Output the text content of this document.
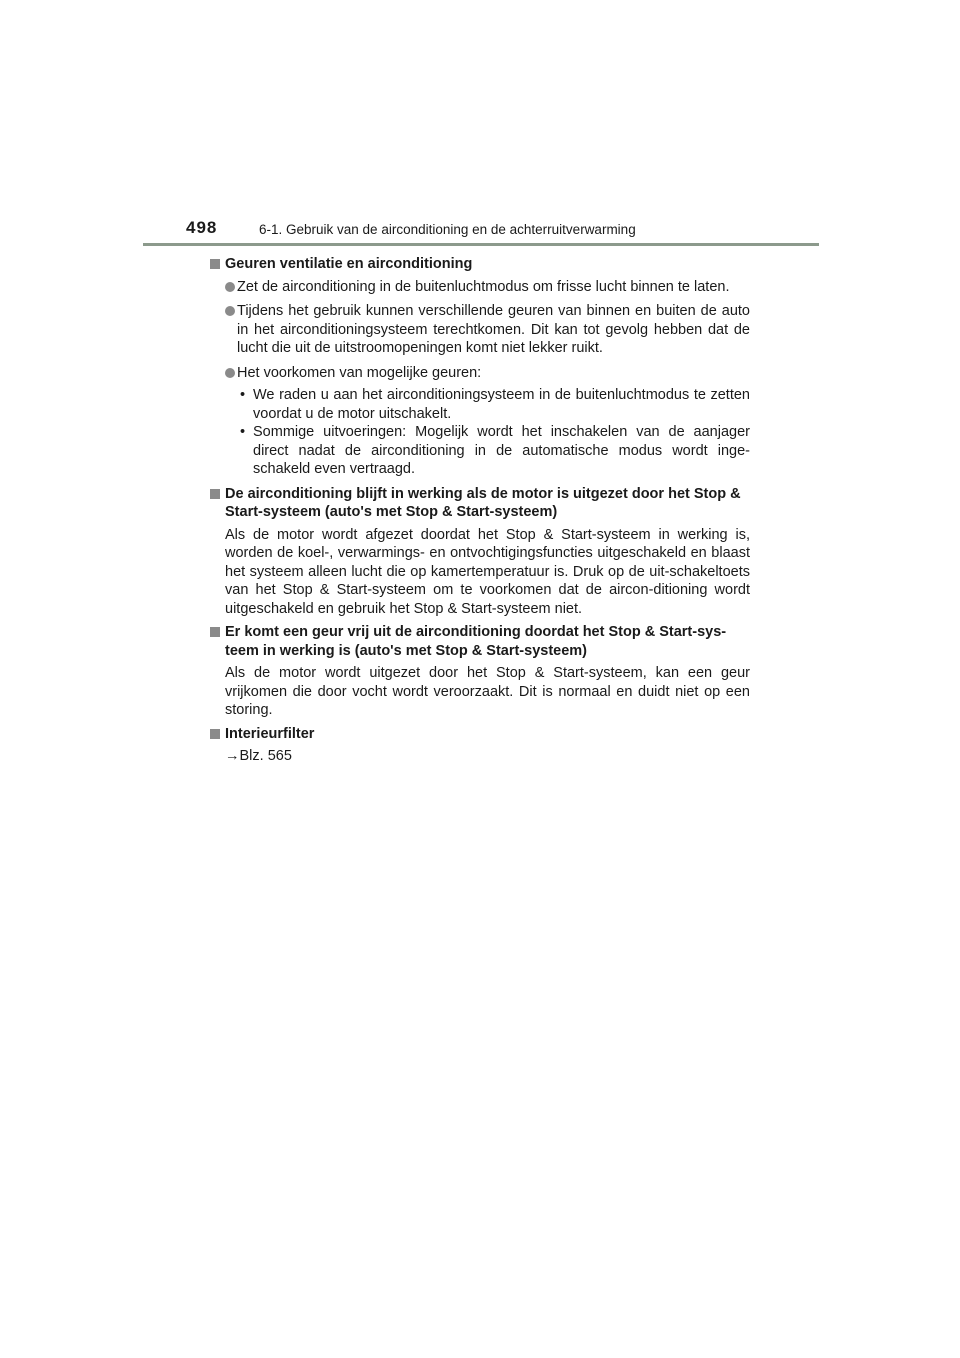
498	6-1. Gebruik van de airconditioning en de achterruitverwarming
Geuren ventilatie en airconditioning
Zet de airconditioning in de buitenluchtmodus om frisse lucht binnen te laten.
Tijdens het gebruik kunnen verschillende geuren van binnen en buiten de auto in het airconditioningsysteem terechtkomen. Dit kan tot gevolg hebben dat de lucht die uit de uitstroomopeningen komt niet lekker ruikt.
Het voorkomen van mogelijke geuren:
• We raden u aan het airconditioningsysteem in de buitenluchtmodus te zetten voordat u de motor uitschakelt.
• Sommige uitvoeringen: Mogelijk wordt het inschakelen van de aanjager direct nadat de airconditioning in de automatische modus wordt inge-schakeld even vertraagd.
De airconditioning blijft in werking als de motor is uitgezet door het Stop & Start-systeem (auto's met Stop & Start-systeem)
Als de motor wordt afgezet doordat het Stop & Start-systeem in werking is, worden de koel-, verwarmings- en ontvochtigingsfuncties uitgeschakeld en blaast het systeem alleen lucht die op kamertemperatuur is. Druk op de uit-schakeltoets van het Stop & Start-systeem om te voorkomen dat de aircon-ditioning wordt uitgeschakeld en gebruik het Stop & Start-systeem niet.
Er komt een geur vrij uit de airconditioning doordat het Stop & Start-sys-teem in werking is (auto's met Stop & Start-systeem)
Als de motor wordt uitgezet door het Stop & Start-systeem, kan een geur vrijkomen die door vocht wordt veroorzaakt. Dit is normaal en duidt niet op een storing.
Interieurfilter
→Blz. 565
